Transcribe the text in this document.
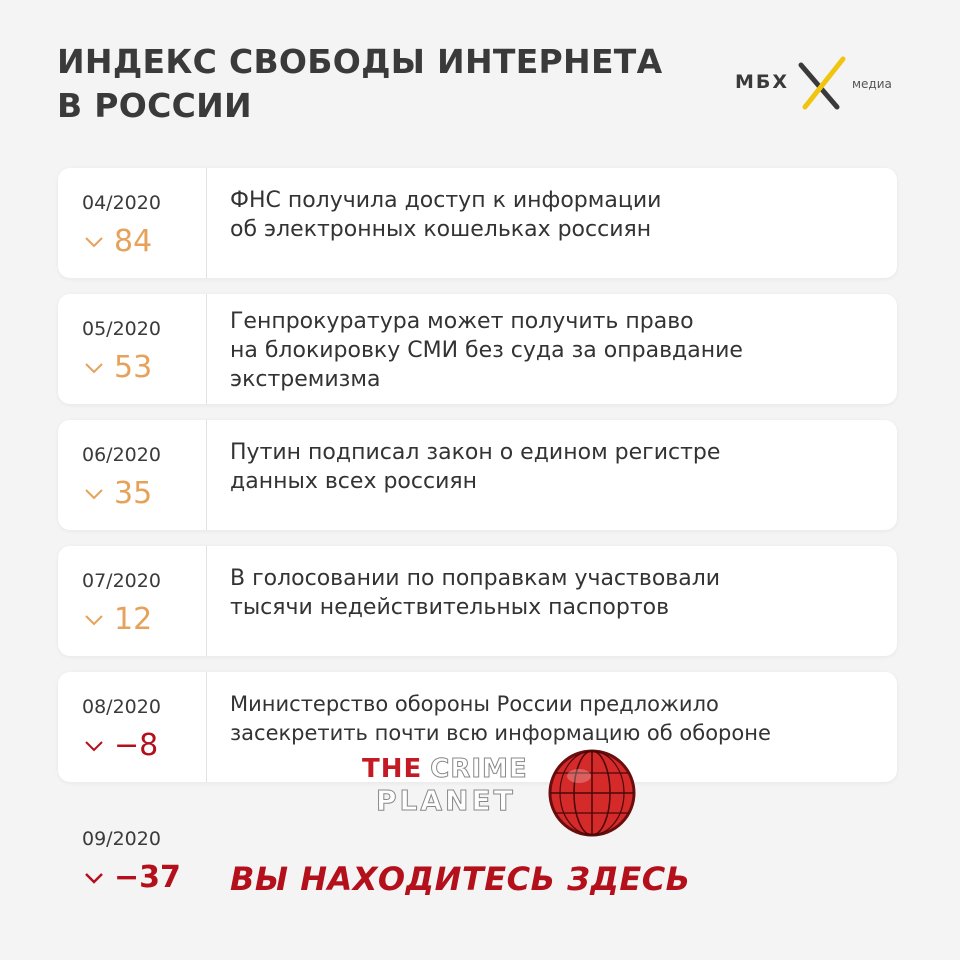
ИНДЕКС СВОБОДЫ ИНТЕРНЕТА
В РОССИИ
МБХ	медиа
04/2020
84
ФНС получила доступ к информации
об электронных кошельках россиян
05/2020
53
Генпрокуратура может получить право
на блокировку СМИ без суда за оправдание
экстремизма
06/2020
35
Путин подписал закон о едином регистре
данных всех россиян
07/2020
12
В голосовании по поправкам участвовали
тысячи недействительных паспортов
08/2020
−8
Министерство обороны России предложило
засекретить почти всю информацию об обороне
THE CRIME
PLANET
09/2020
−37 ВЫ НАХОДИТЕСЬ ЗДЕСЬ
